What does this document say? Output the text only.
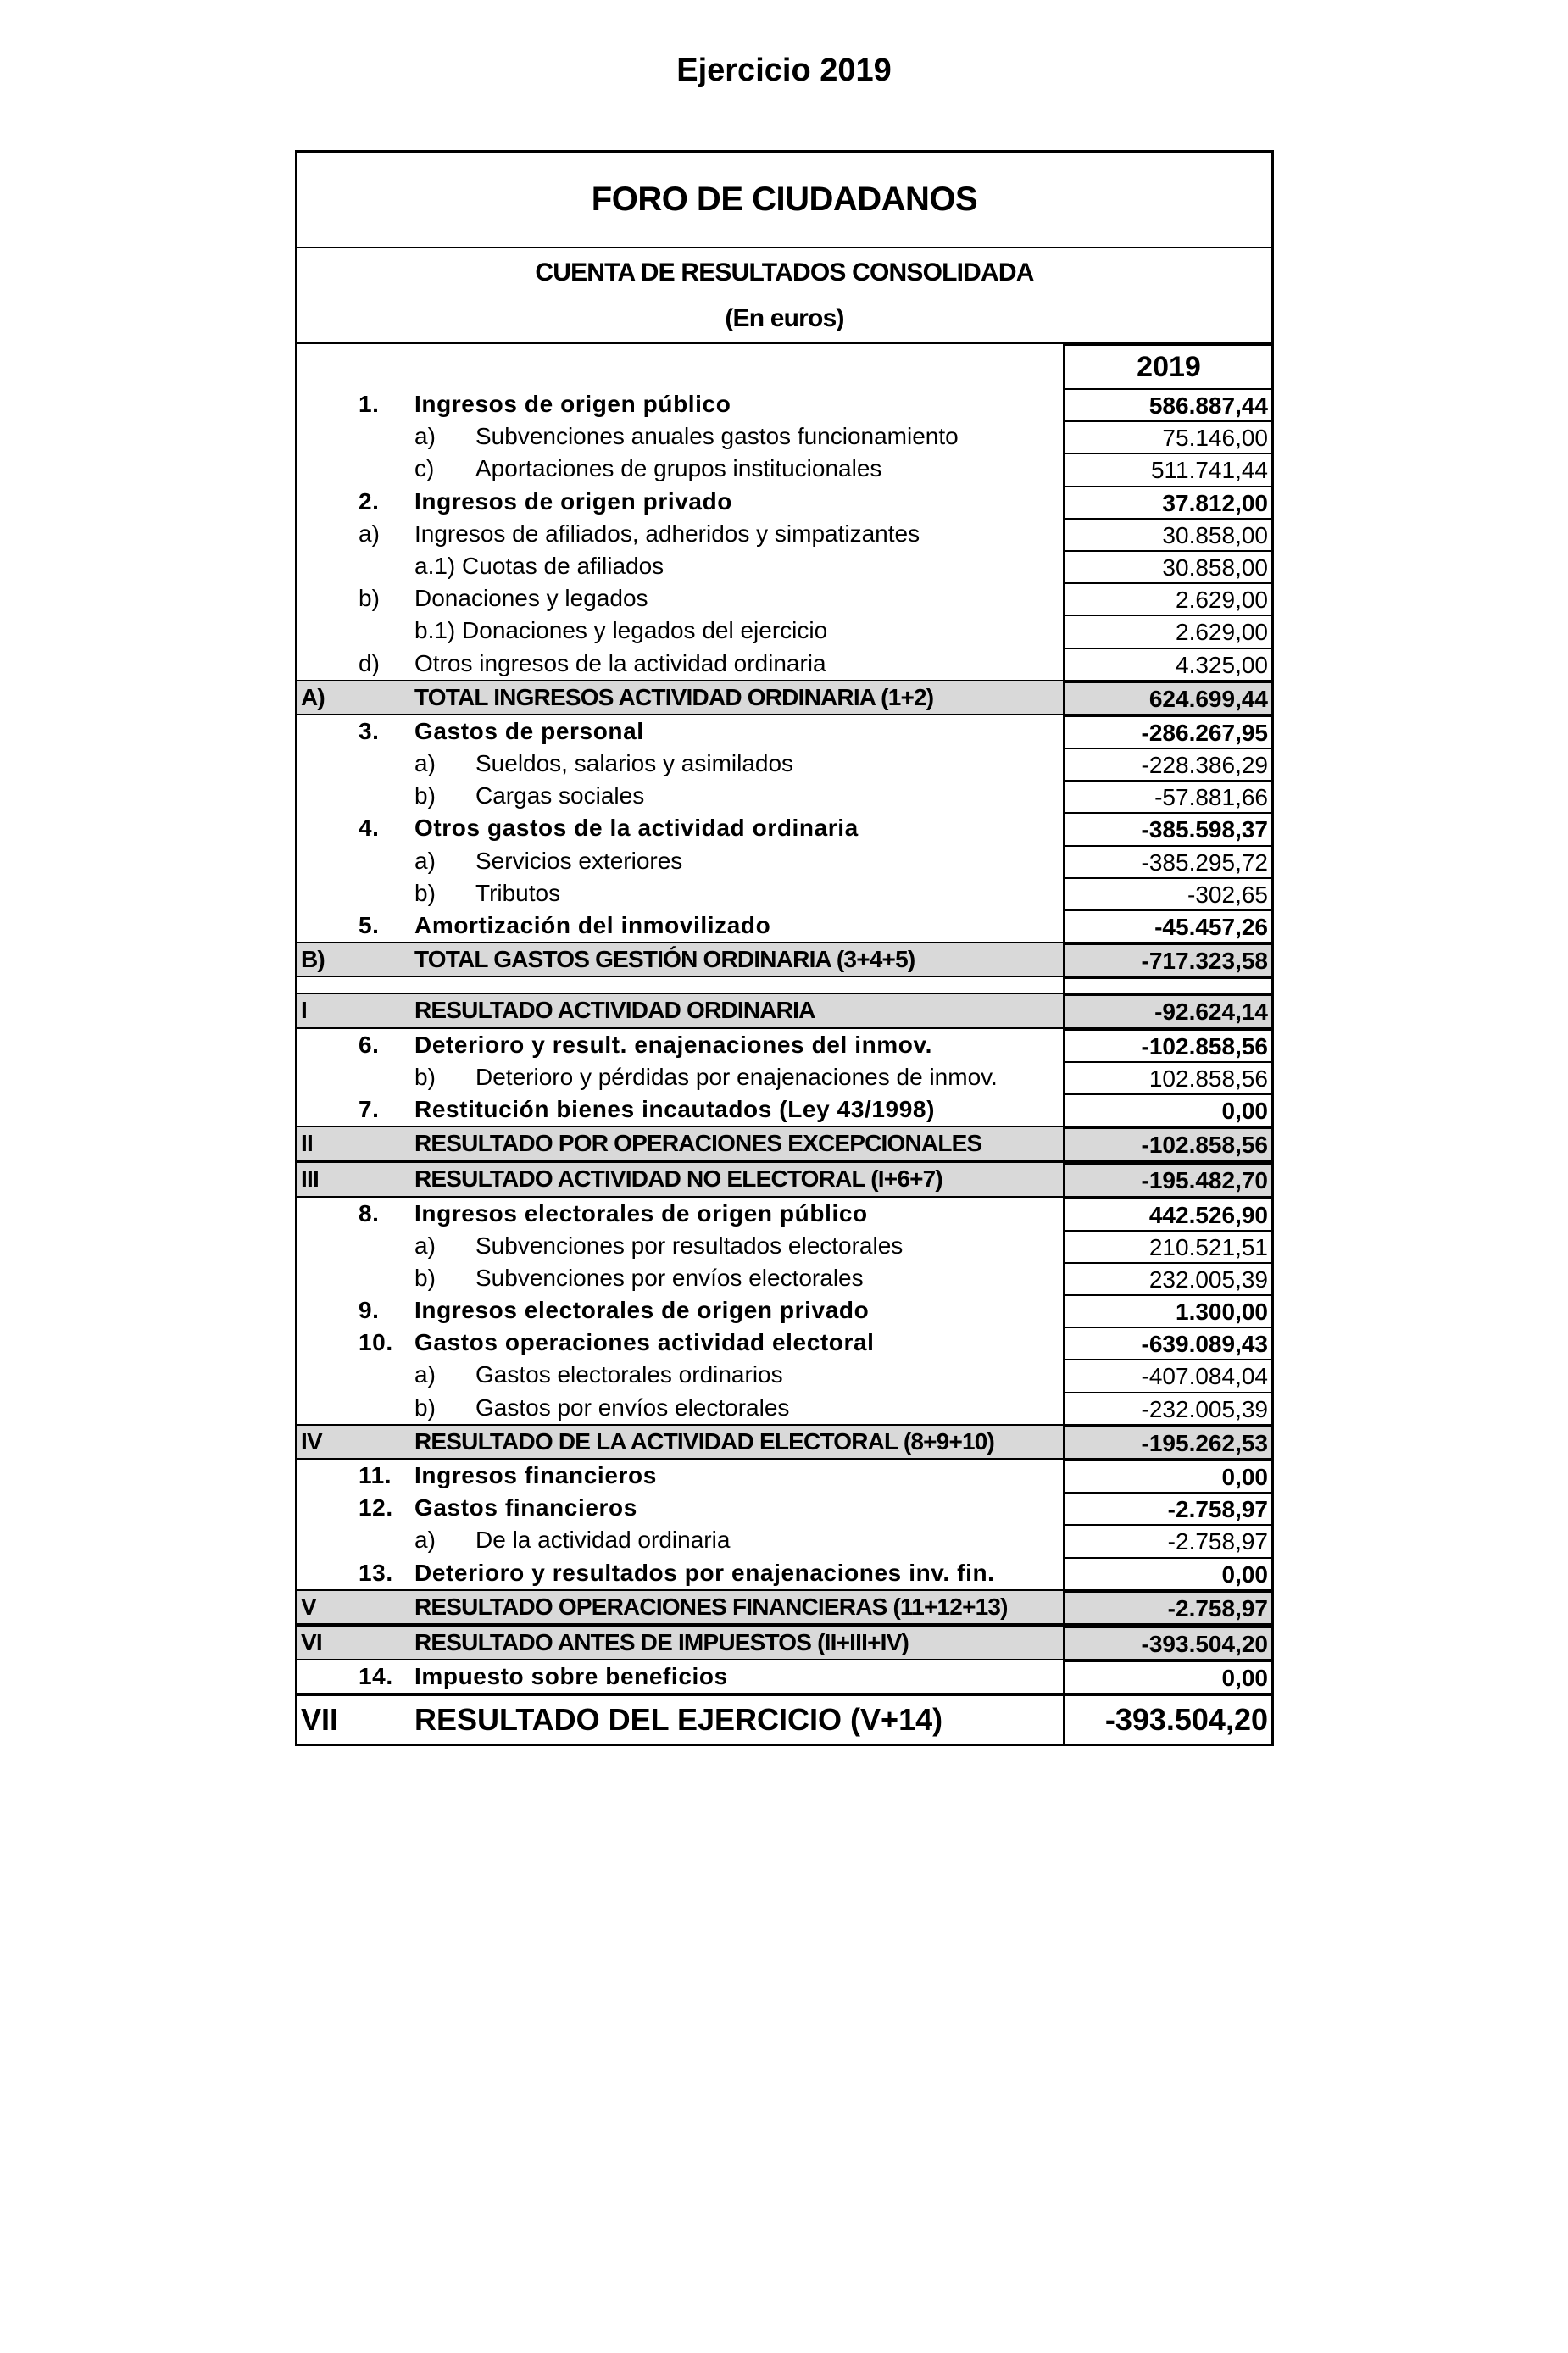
Ejercicio 2019
FORO DE CIUDADANOS
CUENTA DE RESULTADOS CONSOLIDADA
(En euros)
2019
1.	Ingresos de origen público	586.887,44
a)	Subvenciones anuales gastos funcionamiento	75.146,00
c)	Aportaciones de grupos institucionales	511.741,44
2.	Ingresos de origen privado	37.812,00
a)	Ingresos de afiliados, adheridos y simpatizantes	30.858,00
a.1) Cuotas de afiliados	30.858,00
b)	Donaciones y legados	2.629,00
b.1) Donaciones y legados del ejercicio	2.629,00
d)	Otros ingresos de la actividad ordinaria	4.325,00
A)	TOTAL INGRESOS ACTIVIDAD ORDINARIA (1+2)	624.699,44
3.	Gastos de personal	-286.267,95
a)	Sueldos, salarios y asimilados	-228.386,29
b)	Cargas sociales	-57.881,66
4.	Otros gastos de la actividad ordinaria	-385.598,37
a)	Servicios exteriores	-385.295,72
b)	Tributos	-302,65
5.	Amortización del inmovilizado	-45.457,26
B)	TOTAL GASTOS GESTIÓN ORDINARIA (3+4+5)	-717.323,58
I	RESULTADO ACTIVIDAD ORDINARIA	-92.624,14
6.	Deterioro y result. enajenaciones del inmov.	-102.858,56
b)	Deterioro y pérdidas por enajenaciones de inmov.	102.858,56
7.	Restitución bienes incautados (Ley 43/1998)	0,00
II	RESULTADO POR OPERACIONES EXCEPCIONALES	-102.858,56
III	RESULTADO ACTIVIDAD NO ELECTORAL (I+6+7)	-195.482,70
8.	Ingresos electorales de origen público	442.526,90
a)	Subvenciones por resultados electorales	210.521,51
b)	Subvenciones por envíos electorales	232.005,39
9.	Ingresos electorales de origen privado	1.300,00
10. Gastos operaciones actividad electoral	-639.089,43
a)	Gastos electorales ordinarios	-407.084,04
b)	Gastos por envíos electorales	-232.005,39
IV	RESULTADO DE LA ACTIVIDAD ELECTORAL (8+9+10)	-195.262,53
11. Ingresos financieros	0,00
12. Gastos financieros	-2.758,97
a)	De la actividad ordinaria	-2.758,97
13. Deterioro y resultados por enajenaciones inv. fin.	0,00
V	RESULTADO OPERACIONES FINANCIERAS (11+12+13)	-2.758,97
VI	RESULTADO ANTES DE IMPUESTOS (II+III+IV)	-393.504,20
14. Impuesto sobre beneficios	0,00
VII	RESULTADO DEL EJERCICIO (V+14)	-393.504,20
